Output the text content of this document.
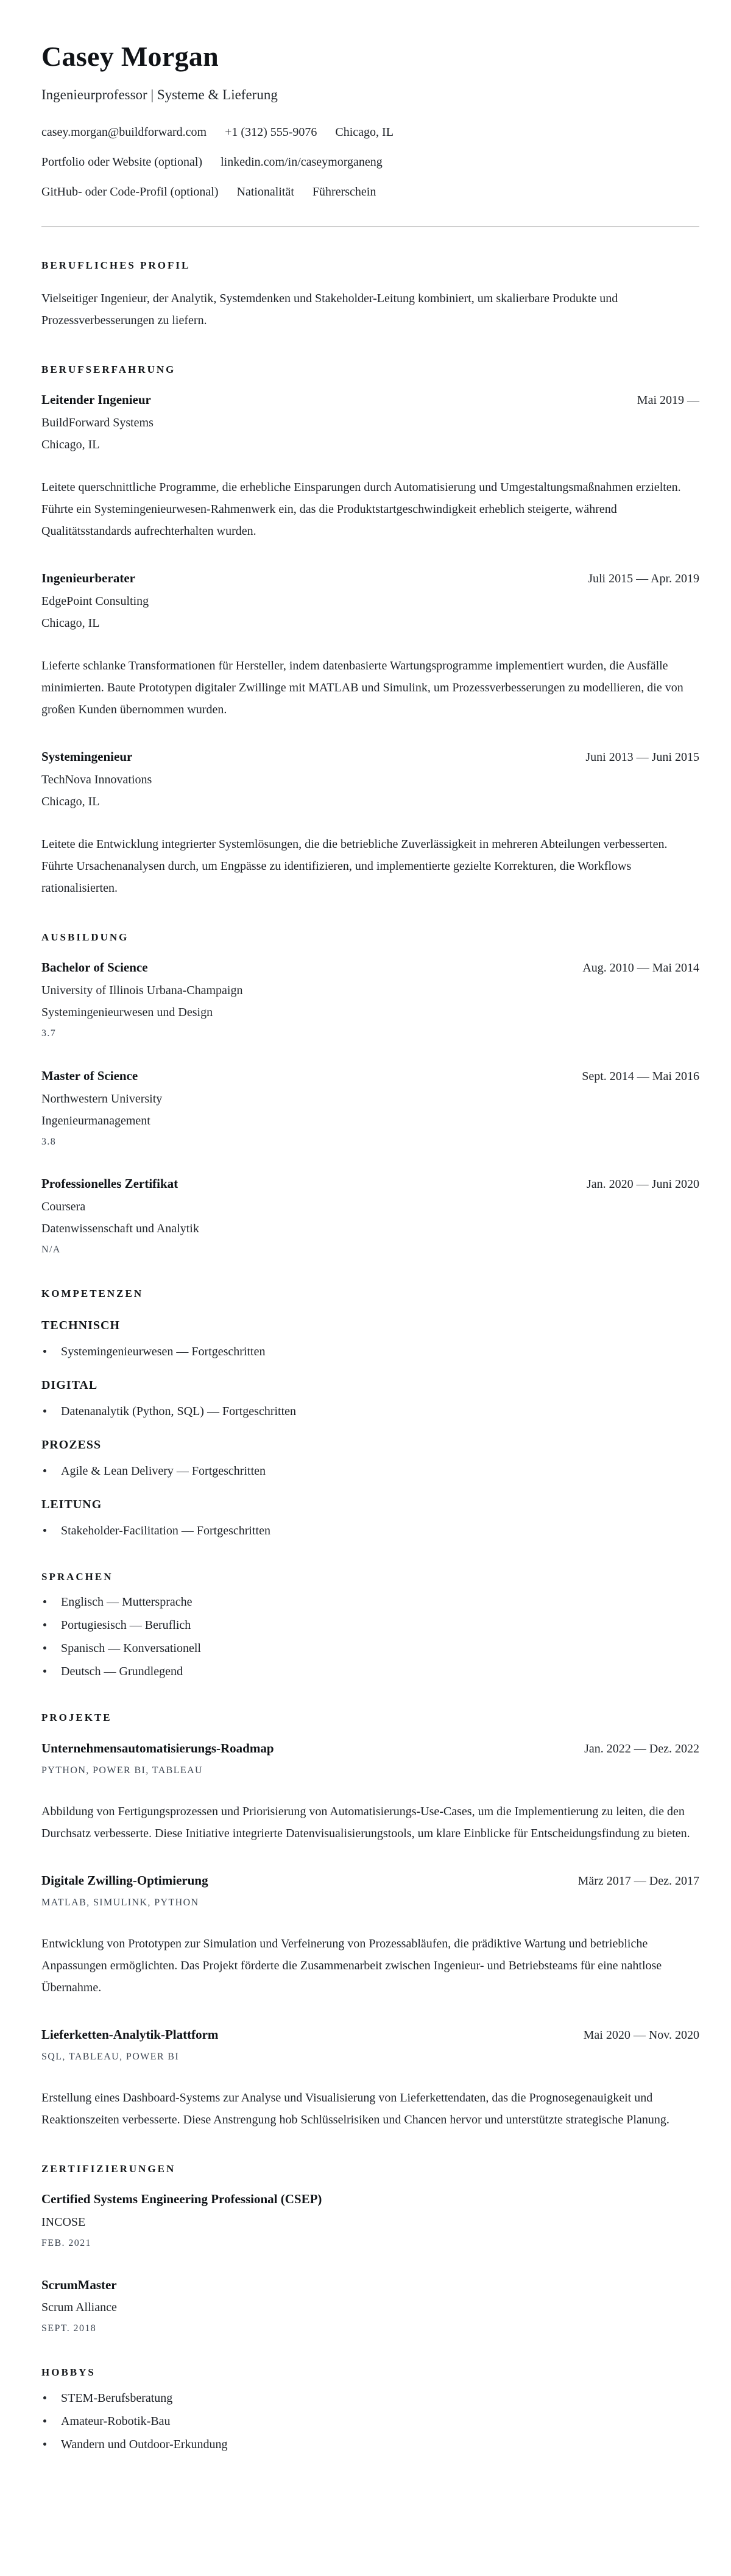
Casey Morgan
Ingenieurprofessor | Systeme & Lieferung
casey.morgan@buildforward.com +1 (312) 555-9076 Chicago, IL
Portfolio oder Website (optional) linkedin.com/in/caseymorganeng
GitHub- oder Code-Profil (optional) Nationalität Führerschein
BERUFLICHES PROFIL

Vielseitiger Ingenieur, der Analytik, Systemdenken und Stakeholder-Leitung kombiniert, um skalierbare Produkte und Prozessverbesserungen zu liefern.

BERUFSERFAHRUNG
Leitender Ingenieur	Mai 2019 —
BuildForward Systems
Chicago, IL

Leitete querschnittliche Programme, die erhebliche Einsparungen durch Automatisierung und Umgestaltungsmaßnahmen erzielten. Führte ein Systemingenieurwesen-Rahmenwerk ein, das die Produktstartgeschwindigkeit erheblich steigerte, während Qualitätsstandards aufrechterhalten wurden.

Ingenieurberater	Juli 2015 — Apr. 2019
EdgePoint Consulting
Chicago, IL

Lieferte schlanke Transformationen für Hersteller, indem datenbasierte Wartungsprogramme implementiert wurden, die Ausfälle minimierten. Baute Prototypen digitaler Zwillinge mit MATLAB und Simulink, um Prozessverbesserungen zu modellieren, die von großen Kunden übernommen wurden.

Systemingenieur	Juni 2013 — Juni 2015
TechNova Innovations
Chicago, IL

Leitete die Entwicklung integrierter Systemlösungen, die die betriebliche Zuverlässigkeit in mehreren Abteilungen verbesserten. Führte Ursachenanalysen durch, um Engpässe zu identifizieren, und implementierte gezielte Korrekturen, die Workflows rationalisierten.

AUSBILDUNG
Bachelor of Science	Aug. 2010 — Mai 2014
University of Illinois Urbana-Champaign
Systemingenieurwesen und Design
3.7
Master of Science	Sept. 2014 — Mai 2016
Northwestern University
Ingenieurmanagement
3.8
Professionelles Zertifikat	Jan. 2020 — Juni 2020
Coursera
Datenwissenschaft und Analytik
N/A
KOMPETENZEN
TECHNISCH
Systemingenieurwesen — Fortgeschritten
DIGITAL
Datenanalytik (Python, SQL) — Fortgeschritten
PROZESS
Agile & Lean Delivery — Fortgeschritten
LEITUNG
Stakeholder-Facilitation — Fortgeschritten
SPRACHEN
Englisch — Muttersprache
Portugiesisch — Beruflich
Spanisch — Konversationell
Deutsch — Grundlegend
PROJEKTE
Unternehmensautomatisierungs-Roadmap	Jan. 2022 — Dez. 2022
PYTHON, POWER BI, TABLEAU

Abbildung von Fertigungsprozessen und Priorisierung von Automatisierungs-Use-Cases, um die Implementierung zu leiten, die den Durchsatz verbesserte. Diese Initiative integrierte Datenvisualisierungstools, um klare Einblicke für Entscheidungsfindung zu bieten.

Digitale Zwilling-Optimierung	März 2017 — Dez. 2017
MATLAB, SIMULINK, PYTHON

Entwicklung von Prototypen zur Simulation und Verfeinerung von Prozessabläufen, die prädiktive Wartung und betriebliche Anpassungen ermöglichten. Das Projekt förderte die Zusammenarbeit zwischen Ingenieur- und Betriebsteams für eine nahtlose Übernahme.

Lieferketten-Analytik-Plattform	Mai 2020 — Nov. 2020
SQL, TABLEAU, POWER BI

Erstellung eines Dashboard-Systems zur Analyse und Visualisierung von Lieferkettendaten, das die Prognosegenauigkeit und Reaktionszeiten verbesserte. Diese Anstrengung hob Schlüsselrisiken und Chancen hervor und unterstützte strategische Planung.

ZERTIFIZIERUNGEN
Certified Systems Engineering Professional (CSEP)
INCOSE
FEB. 2021
ScrumMaster
Scrum Alliance
SEPT. 2018
HOBBYS
STEM-Berufsberatung
Amateur-Robotik-Bau
Wandern und Outdoor-Erkundung
